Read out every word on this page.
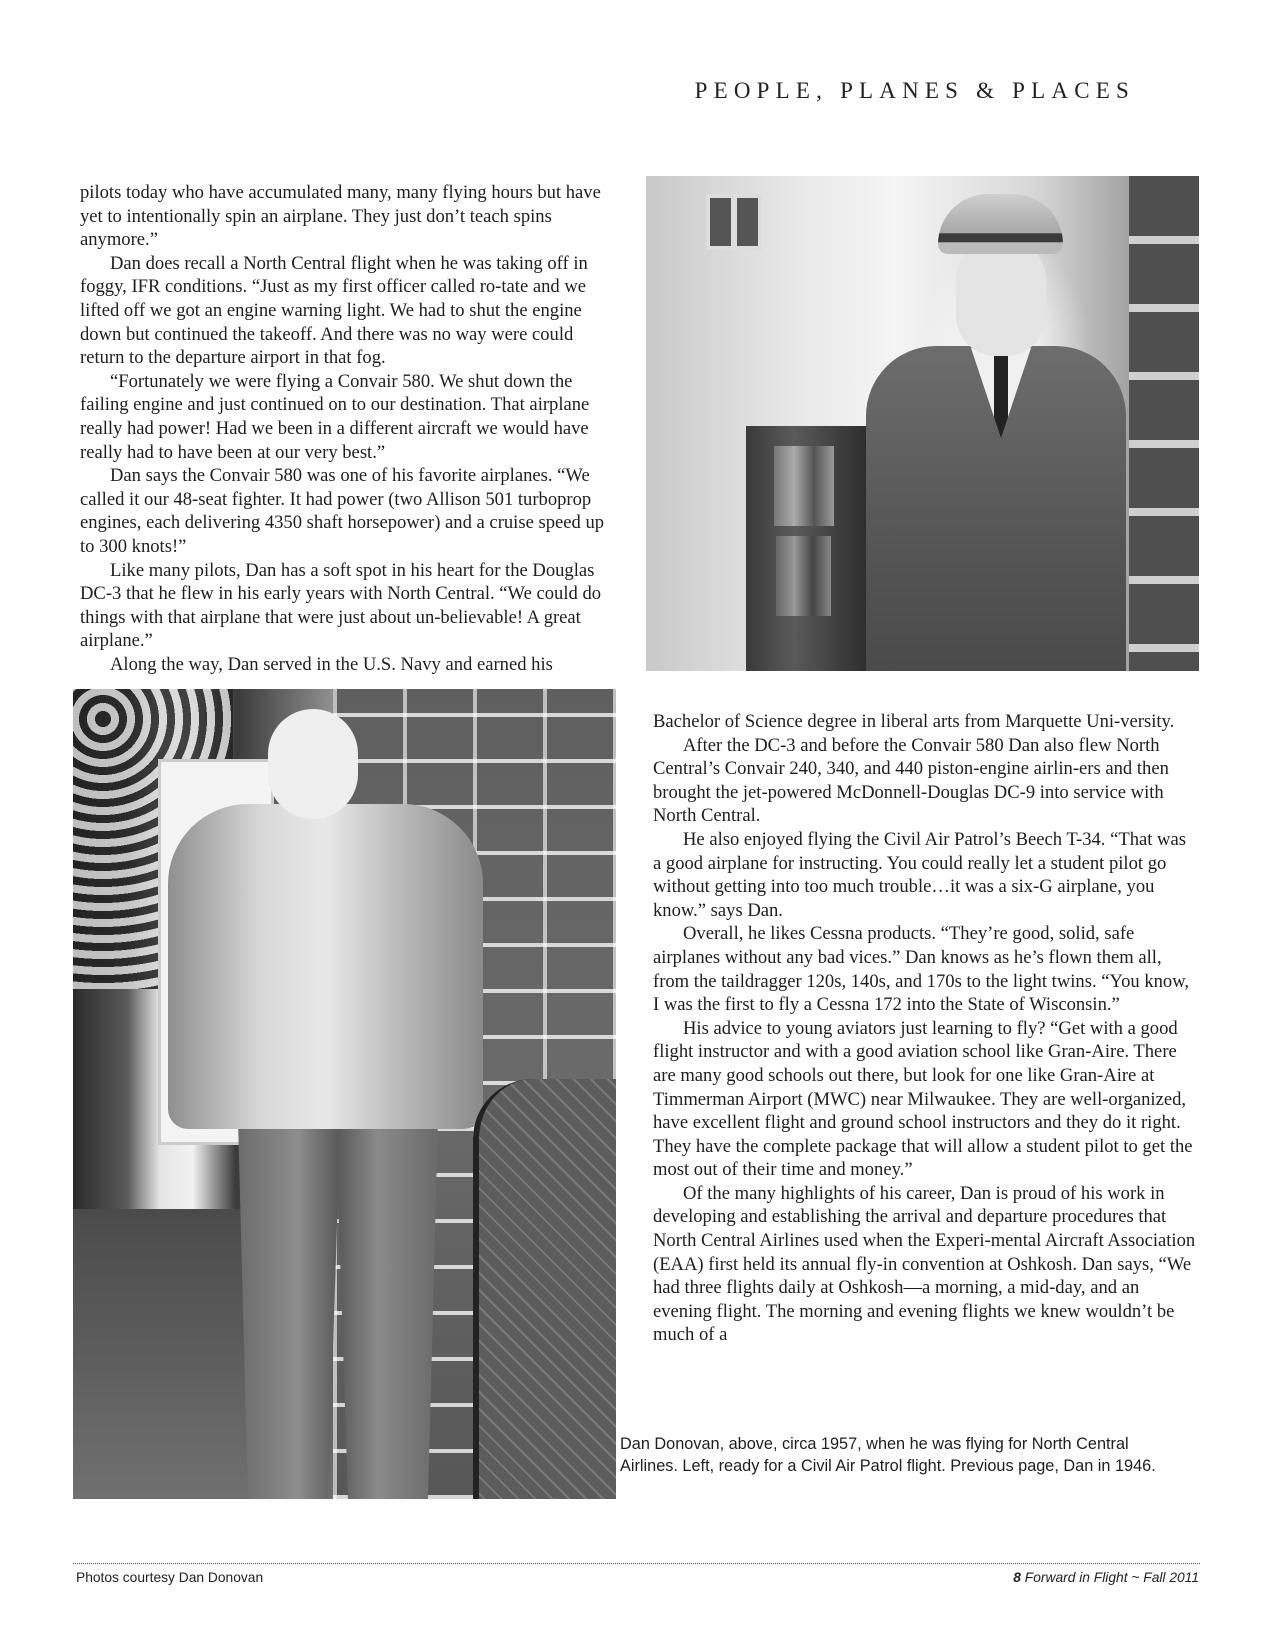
PEOPLE, PLANES & PLACES

pilots today who have accumulated many, many flying hours but have yet to intentionally spin an airplane. They just don’t teach spins anymore.”

Dan does recall a North Central flight when he was taking off in foggy, IFR conditions. “Just as my first officer called ro-tate and we lifted off we got an engine warning light. We had to shut the engine down but continued the takeoff. And there was no way were could return to the departure airport in that fog.

“Fortunately we were flying a Convair 580. We shut down the failing engine and just continued on to our destination. That airplane really had power! Had we been in a different aircraft we would have really had to have been at our very best.”

Dan says the Convair 580 was one of his favorite airplanes. “We called it our 48-seat fighter. It had power (two Allison 501 turboprop engines, each delivering 4350 shaft horsepower) and a cruise speed up to 300 knots!”

Like many pilots, Dan has a soft spot in his heart for the Douglas DC-3 that he flew in his early years with North Central. “We could do things with that airplane that were just about un-believable! A great airplane.”

Along the way, Dan served in the U.S. Navy and earned his

Bachelor of Science degree in liberal arts from Marquette Uni-versity.

After the DC-3 and before the Convair 580 Dan also flew North Central’s Convair 240, 340, and 440 piston-engine airlin-ers and then brought the jet-powered McDonnell-Douglas DC-9 into service with North Central.

He also enjoyed flying the Civil Air Patrol’s Beech T-34. “That was a good airplane for instructing. You could really let a student pilot go without getting into too much trouble…it was a six-G airplane, you know.” says Dan.

Overall, he likes Cessna products. “They’re good, solid, safe airplanes without any bad vices.” Dan knows as he’s flown them all, from the taildragger 120s, 140s, and 170s to the light twins. “You know, I was the first to fly a Cessna 172 into the State of Wisconsin.”

His advice to young aviators just learning to fly? “Get with a good flight instructor and with a good aviation school like Gran-Aire. There are many good schools out there, but look for one like Gran-Aire at Timmerman Airport (MWC) near Milwaukee. They are well-organized, have excellent flight and ground school instructors and they do it right. They have the complete package that will allow a student pilot to get the most out of their time and money.”

Of the many highlights of his career, Dan is proud of his work in developing and establishing the arrival and departure procedures that North Central Airlines used when the Experi-mental Aircraft Association (EAA) first held its annual fly-in convention at Oshkosh. Dan says, “We had three flights daily at Oshkosh—a morning, a mid-day, and an evening flight. The morning and evening flights we knew wouldn’t be much of a

Dan Donovan, above, circa 1957, when he was flying for North Central Airlines. Left, ready for a Civil Air Patrol flight. Previous page, Dan in 1946.
Photos courtesy Dan Donovan	8 Forward in Flight ~ Fall 2011
